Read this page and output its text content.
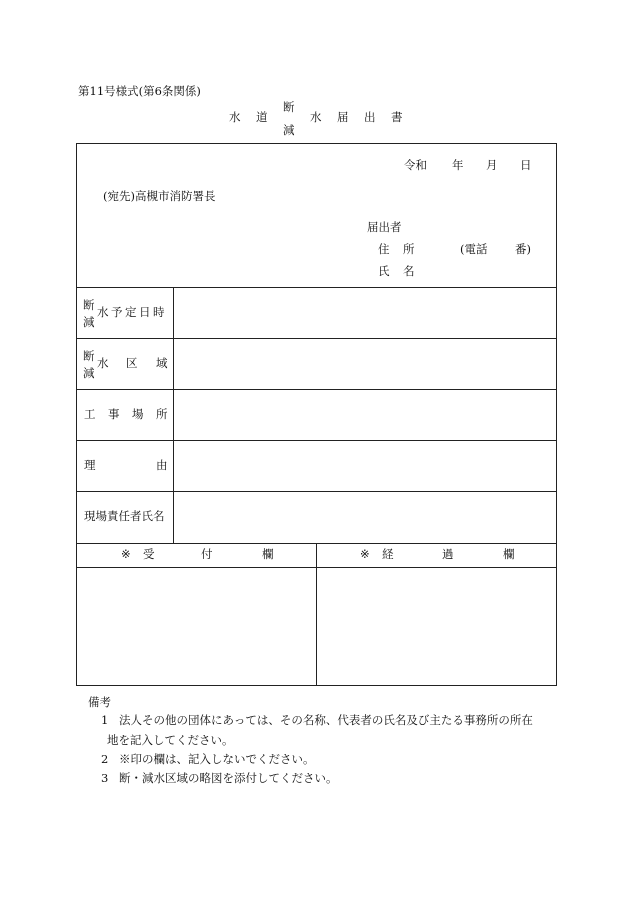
第11号様式(第6条関係)
水 道
断
減
水 届 出 書
令和 年 月 日
(宛先)高槻市消防署長
届出者
住 所	(電話 番)
氏 名
断
減
水 予 定 日 時
断
減
水 区 域
工 事 場 所
理	由
現場責任者氏名
※ 受	付	欄	※ 経	過	欄
備考
1 法人その他の団体にあっては、その名称、代表者の氏名及び主たる事務所の所在
地を記入してください。
2 ※印の欄は、記入しないでください。
3 断・減水区域の略図を添付してください。
